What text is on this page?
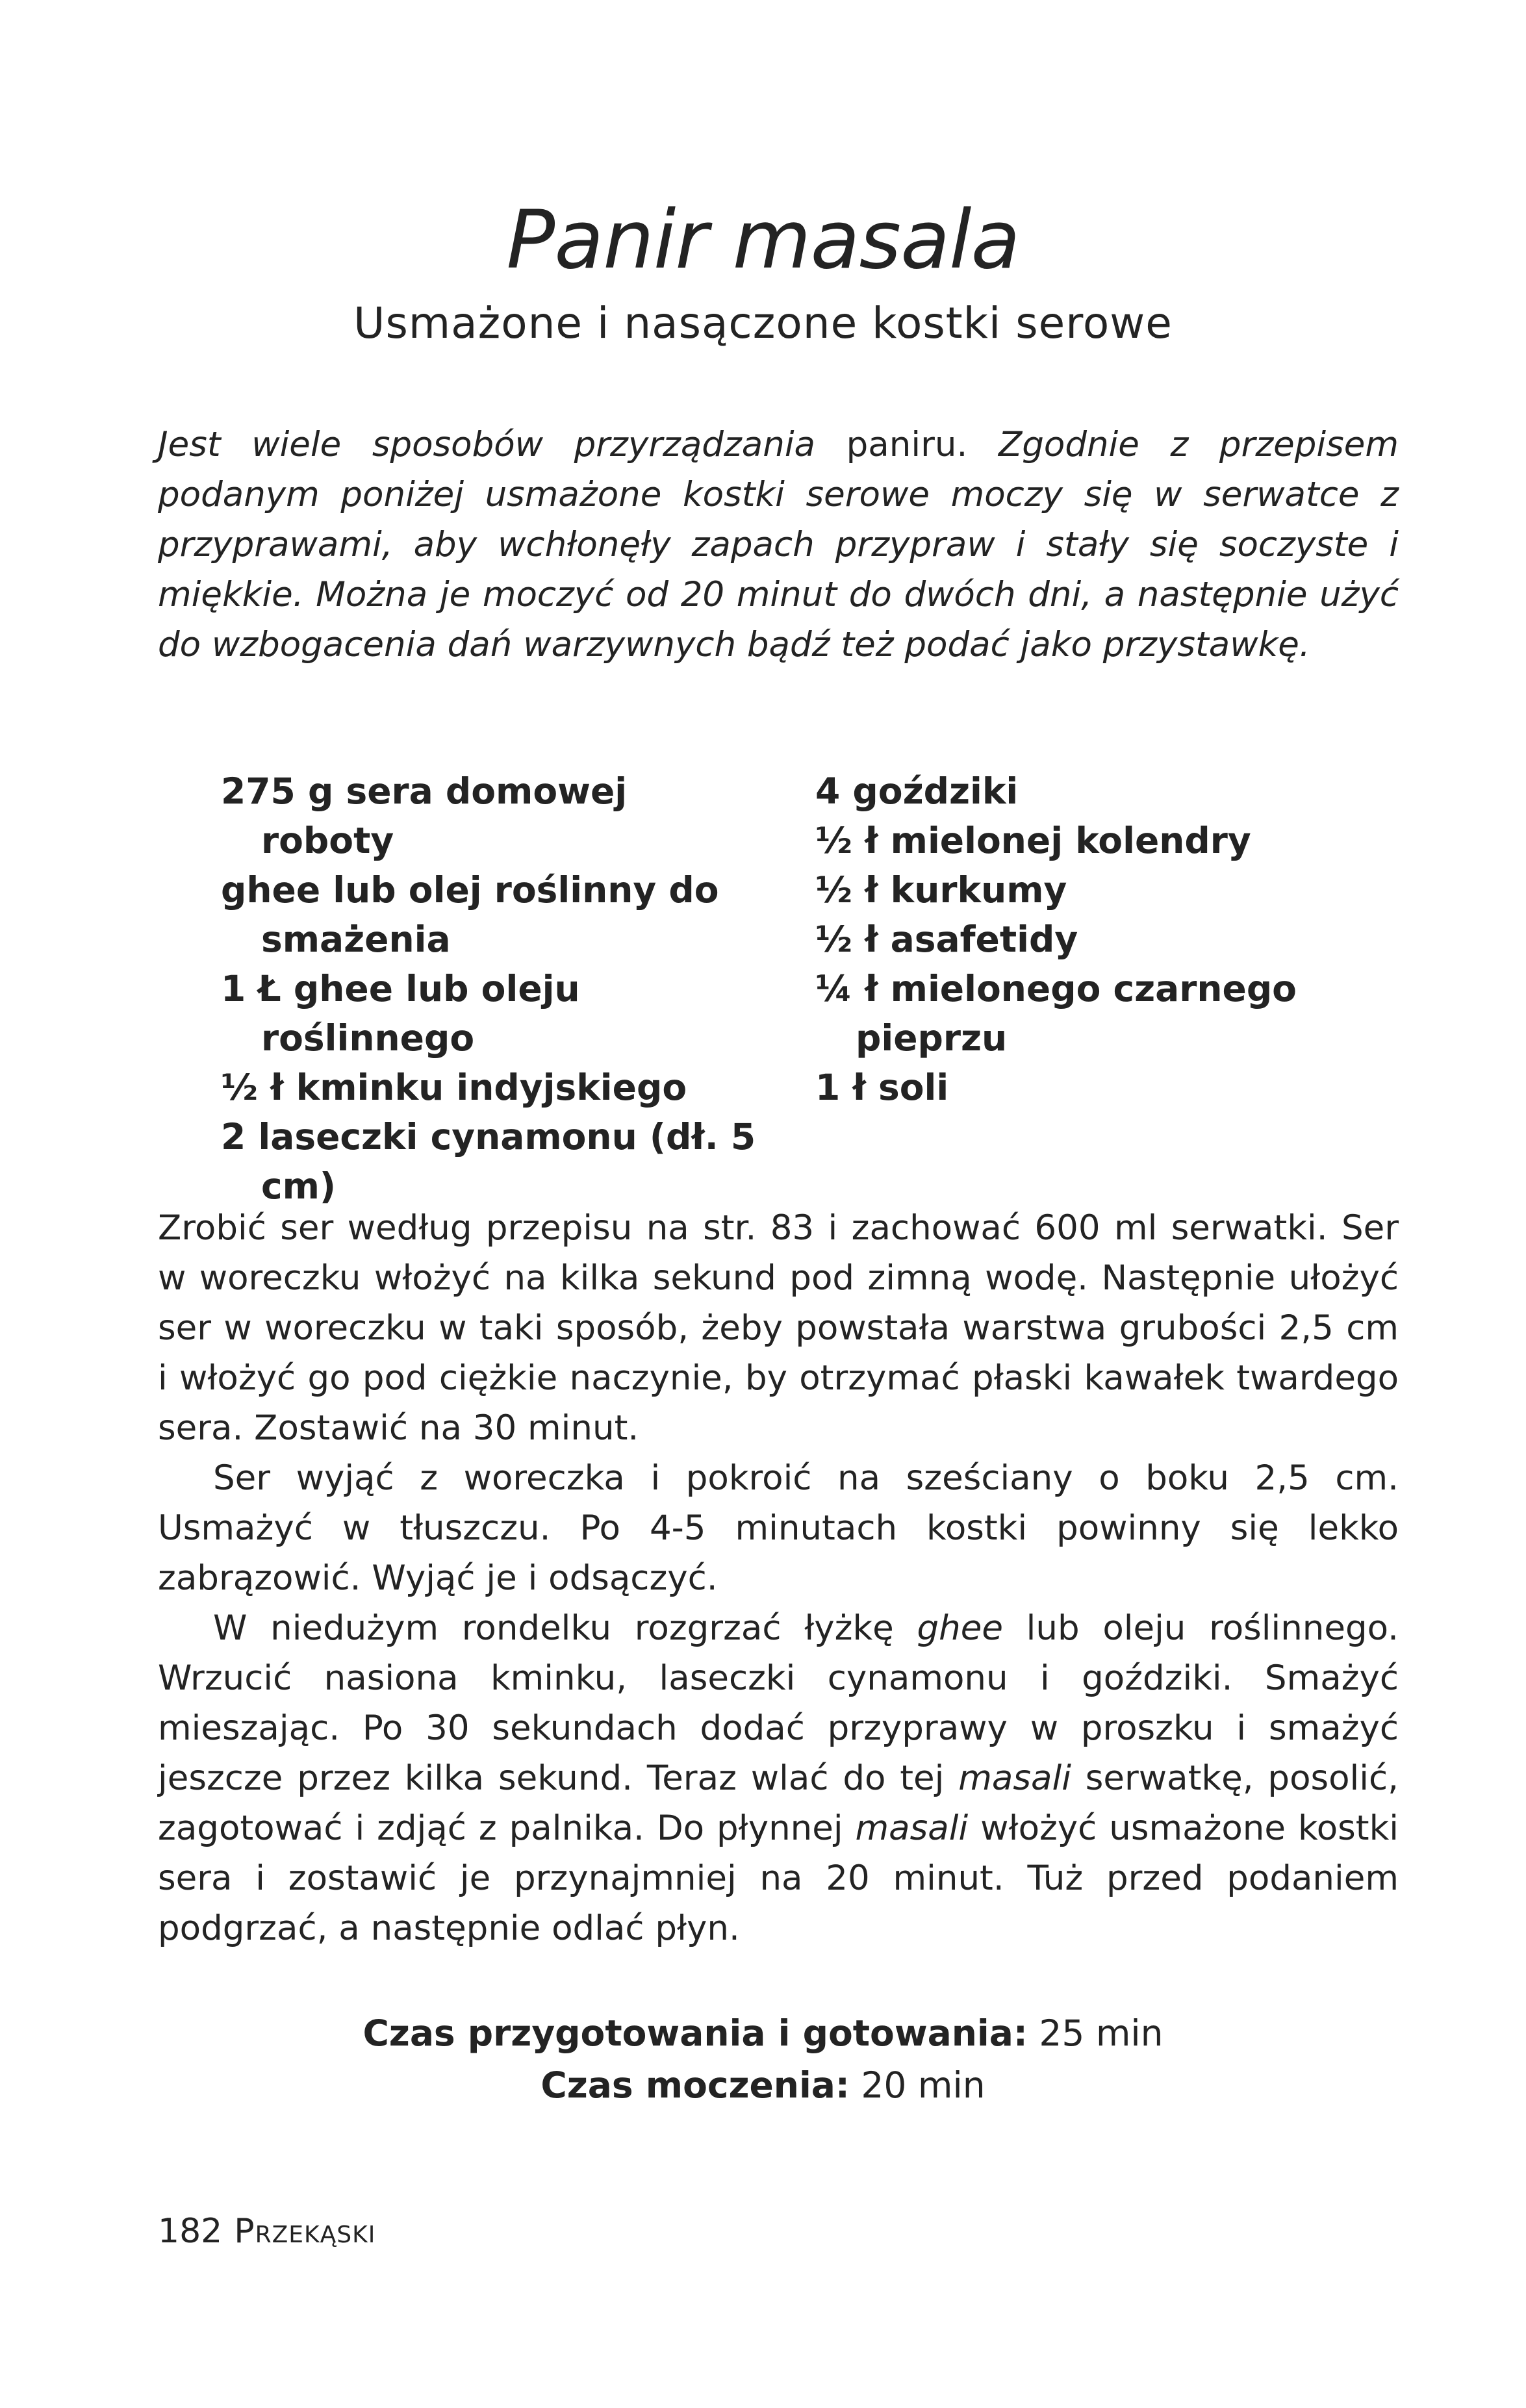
Panir masala
Usmażone i nasączone kostki serowe

Jest wiele sposobów przyrządzania paniru. Zgodnie z przepisem podanym poniżej usmażone kostki serowe moczy się w serwatce z przyprawami, aby wchłonęły zapach przypraw i stały się soczyste i miękkie. Można je moczyć od 20 minut do dwóch dni, a następnie użyć do wzbogacenia dań warzywnych bądź też podać jako przystawkę.

275 g sera domowej roboty
ghee lub olej roślinny do smażenia
1 Ł ghee lub oleju roślinnego
½ ł kminku indyjskiego
2 laseczki cynamonu (dł. 5 cm)
4 goździki
½ ł mielonej kolendry
½ ł kurkumy
½ ł asafetidy
¼ ł mielonego czarnego pieprzu
1 ł soli

Zrobić ser według przepisu na str. 83 i zachować 600 ml serwatki. Ser w woreczku włożyć na kilka sekund pod zimną wodę. Następnie ułożyć ser w woreczku w taki sposób, żeby powstała warstwa grubości 2,5 cm i włożyć go pod ciężkie naczynie, by otrzymać płaski kawałek twardego sera. Zostawić na 30 minut.

Ser wyjąć z woreczka i pokroić na sześciany o boku 2,5 cm. Usmażyć w tłuszczu. Po 4-5 minutach kostki powinny się lekko zabrązowić. Wyjąć je i odsączyć.

W niedużym rondelku rozgrzać łyżkę ghee lub oleju roślinnego. Wrzucić nasiona kminku, laseczki cynamonu i goździki. Smażyć mieszając. Po 30 sekundach dodać przyprawy w proszku i smażyć jeszcze przez kilka sekund. Teraz wlać do tej masali serwatkę, posolić, zagotować i zdjąć z palnika. Do płynnej masali włożyć usmażone kostki sera i zostawić je przynajmniej na 20 minut. Tuż przed podaniem podgrzać, a następnie odlać płyn.

Czas przygotowania i gotowania: 25 min
Czas moczenia: 20 min
182 Przekąski
